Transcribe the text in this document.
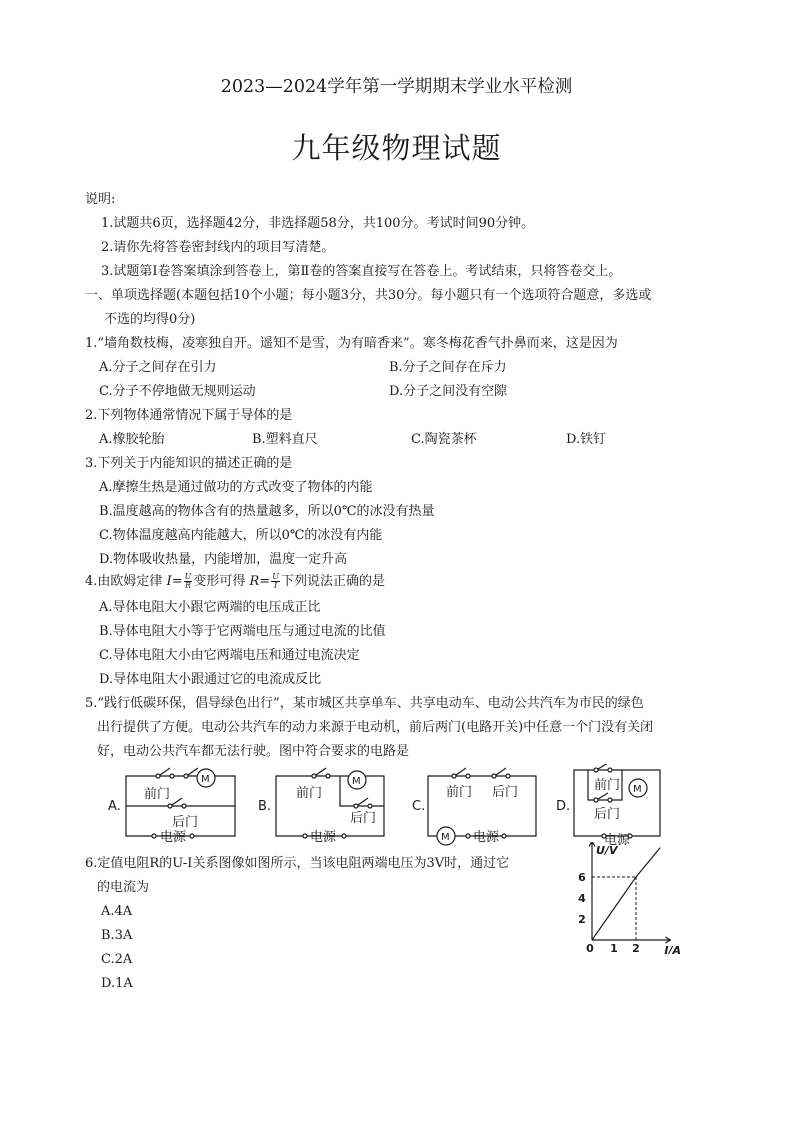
2023—2024学年第一学期期末学业水平检测
九年级物理试题
说明:
1.试题共6页，选择题42分，非选择题58分，共100分。考试时间90分钟。
2.请你先将答卷密封线内的项目写清楚。
3.试题第Ⅰ卷答案填涂到答卷上，第Ⅱ卷的答案直接写在答卷上。考试结束，只将答卷交上。
一、单项选择题(本题包括10个小题；每小题3分，共30分。每小题只有一个选项符合题意，多选或
不选的均得0分)
1.“墙角数枝梅，凌寒独自开。遥知不是雪，为有暗香来”。寒冬梅花香气扑鼻而来，这是因为
A.分子之间存在引力	B.分子之间存在斥力
C.分子不停地做无规则运动	D.分子之间没有空隙
2.下列物体通常情况下属于导体的是
A.橡胶轮胎	B.塑料直尺	C.陶瓷茶杯	D.铁钉
3.下列关于内能知识的描述正确的是
A.摩擦生热是通过做功的方式改变了物体的内能
B.温度越高的物体含有的热量越多，所以0℃的冰没有热量
C.物体温度越高内能越大，所以0℃的冰没有内能
D.物体吸收热量，内能增加，温度一定升高
4.由欧姆定律 $I= \frac{U}{R}$ 变形可得 $R= \frac{U}{I}$ 下列说法正确的是
A.导体电阻大小跟它两端的电压成正比
B.导体电阻大小等于它两端电压与通过电流的比值
C.导体电阻大小由它两端电压和通过电流决定
D.导体电阻大小跟通过它的电流成反比
5.“践行低碳环保，倡导绿色出行”，某市城区共享单车、共享电动车、电动公共汽车为市民的绿色
出行提供了方便。电动公共汽车的动力来源于电动机，前后两门(电路开关)中任意一个门没有关闭
好，电动公共汽车都无法行驶。图中符合要求的电路是
A.
前门
后门
电源
M
B.
前门
后门
电源
M
C.
前门 后门
电源
M
D.
前门
后门
电源
M
6.定值电阻R的U-I关系图像如图所示，当该电阻两端电压为3V时，通过它
的电流为
A.4A
B.3A
C.2A
D.1A
2
4
6
0 1 2
U/V
I/A
